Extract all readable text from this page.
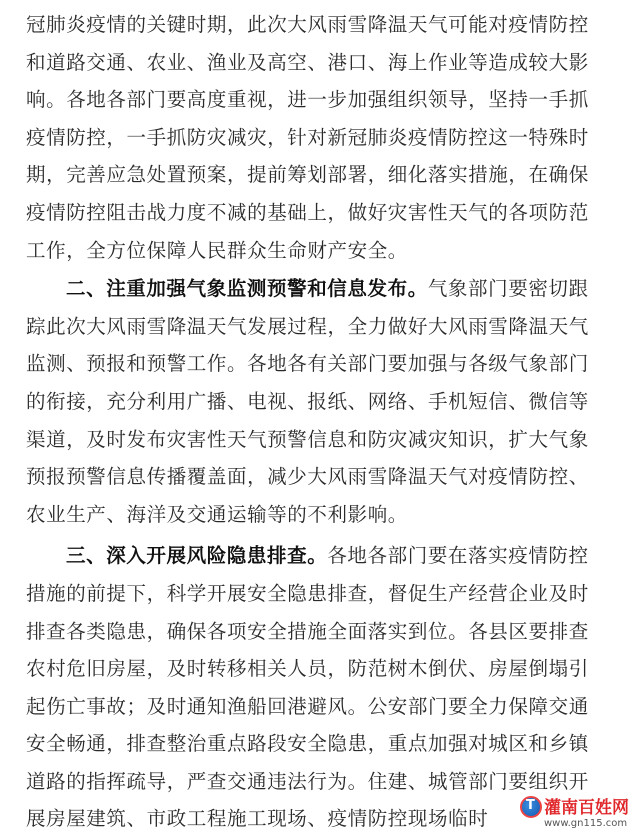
冠肺炎疫情的关键时期，此次大风雨雪降温天气可能对疫情防控
和道路交通、农业、渔业及高空、港口、海上作业等造成较大影
响。各地各部门要高度重视，进一步加强组织领导，坚持一手抓
疫情防控，一手抓防灾减灾，针对新冠肺炎疫情防控这一特殊时
期，完善应急处置预案，提前筹划部署，细化落实措施，在确保
疫情防控阻击战力度不减的基础上，做好灾害性天气的各项防范
工作，全方位保障人民群众生命财产安全。
二、注重加强气象监测预警和信息发布。气象部门要密切跟
踪此次大风雨雪降温天气发展过程，全力做好大风雨雪降温天气
监测、预报和预警工作。各地各有关部门要加强与各级气象部门
的衔接，充分利用广播、电视、报纸、网络、手机短信、微信等
渠道，及时发布灾害性天气预警信息和防灾减灾知识，扩大气象
预报预警信息传播覆盖面，减少大风雨雪降温天气对疫情防控、
农业生产、海洋及交通运输等的不利影响。
三、深入开展风险隐患排查。各地各部门要在落实疫情防控
措施的前提下，科学开展安全隐患排查，督促生产经营企业及时
排查各类隐患，确保各项安全措施全面落实到位。各县区要排查
农村危旧房屋，及时转移相关人员，防范树木倒伏、房屋倒塌引
起伤亡事故；及时通知渔船回港避风。公安部门要全力保障交通
安全畅通，排查整治重点路段安全隐患，重点加强对城区和乡镇
道路的指挥疏导，严查交通违法行为。住建、城管部门要组织开
展房屋建筑、市政工程施工现场、疫情防控现场临时
T 灌南百姓网
www.gn115.com
